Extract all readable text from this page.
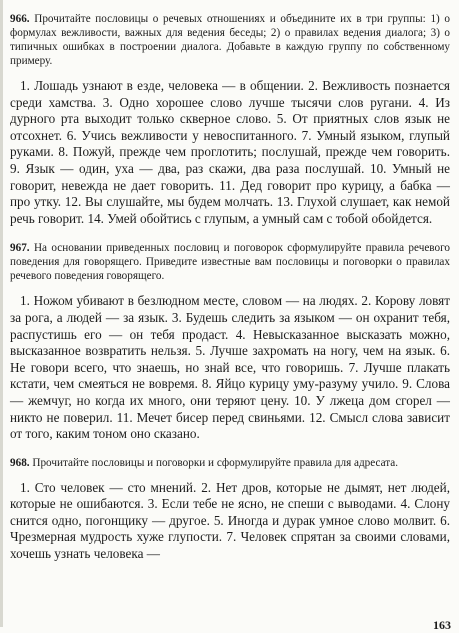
966. Прочитайте пословицы о речевых отношениях и объедините их в три группы: 1) о формулах вежливости, важных для ведения беседы; 2) о правилах ведения диалога; 3) о типичных ошибках в построении диалога. Добавьте в каждую группу по собственному примеру.

1. Лошадь узнают в езде, человека — в общении. 2. Вежливость познается среди хамства. 3. Одно хорошее слово лучше тысячи слов ругани. 4. Из дурного рта выходит только скверное слово. 5. От приятных слов язык не отсохнет. 6. Учись вежливости у невоспитанного. 7. Умный языком, глупый руками. 8. Пожуй, прежде чем проглотить; послушай, прежде чем говорить. 9. Язык — один, уха — два, раз скажи, два раза послушай. 10. Умный не говорит, невежда не дает говорить. 11. Дед говорит про курицу, а бабка — про утку. 12. Вы слушайте, мы будем молчать. 13. Глухой слушает, как немой речь говорит. 14. Умей обойтись с глупым, а умный сам с тобой обойдется.

967. На основании приведенных пословиц и поговорок сформулируйте правила речевого поведения для говорящего. Приведите известные вам пословицы и поговорки о правилах речевого поведения говорящего.

1. Ножом убивают в безлюдном месте, словом — на людях. 2. Корову ловят за рога, а людей — за язык. 3. Будешь следить за языком — он охранит тебя, распустишь его — он тебя продаст. 4. Невысказанное высказать можно, высказанное возвратить нельзя. 5. Лучше захромать на ногу, чем на язык. 6. Не говори всего, что знаешь, но знай все, что говоришь. 7. Лучше плакать кстати, чем смеяться не вовремя. 8. Яйцо курицу уму-разуму учило. 9. Слова — жемчуг, но когда их много, они теряют цену. 10. У лжеца дом сгорел — никто не поверил. 11. Мечет бисер перед свиньями. 12. Смысл слова зависит от того, каким тоном оно сказано.

968. Прочитайте пословицы и поговорки и сформулируйте правила для адресата.

1. Сто человек — сто мнений. 2. Нет дров, которые не дымят, нет людей, которые не ошибаются. 3. Если тебе не ясно, не спеши с выводами. 4. Слону снится одно, погонщику — другое. 5. Иногда и дурак умное слово молвит. 6. Чрезмерная мудрость хуже глупости. 7. Человек спрятан за своими словами, хочешь узнать человека —

163
